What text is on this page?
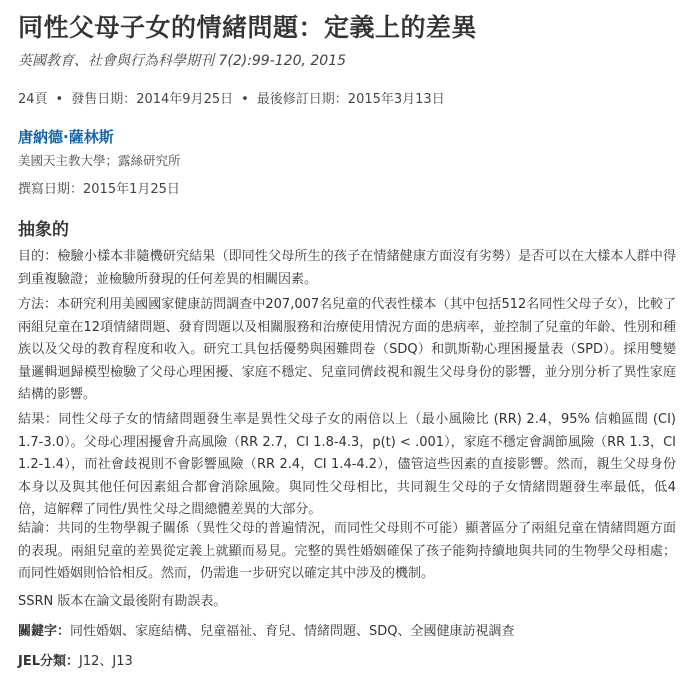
同性父母子女的情緒問題：定義上的差異

英國教育、社會與行為科學期刊 7(2):99-120, 2015

24頁 • 發售日期：2014年9月25日 • 最後修訂日期：2015年3月13日

唐納德·薩林斯

美國天主教大學；露絲研究所

撰寫日期：2015年1月25日

抽象的

目的：檢驗小樣本非隨機研究結果（即同性父母所生的孩子在情緒健康方面沒有劣勢）是否可以在大樣本人群中得到重複驗證；並檢驗所發現的任何差異的相關因素。

方法：本研究利用美國國家健康訪問調查中207,007名兒童的代表性樣本（其中包括512名同性父母子女），比較了兩組兒童在12項情緒問題、發育問題以及相關服務和治療使用情況方面的患病率，並控制了兒童的年齡、性別和種族以及父母的教育程度和收入。研究工具包括優勢與困難問卷（SDQ）和凱斯勒心理困擾量表（SPD）。採用雙變量邏輯迴歸模型檢驗了父母心理困擾、家庭不穩定、兒童同儕歧視和親生父母身份的影響，並分別分析了異性家庭結構的影響。

結果：同性父母子女的情緒問題發生率是異性父母子女的兩倍以上（最小風險比 (RR) 2.4，95% 信賴區間 (CI) 1.7-3.0）。父母心理困擾會升高風險（RR 2.7，CI 1.8-4.3，p(t) < .001），家庭不穩定會調節風險（RR 1.3，CI 1.2-1.4），而社會歧視則不會影響風險（RR 2.4，CI 1.4-4.2），儘管這些因素的直接影響。然而，親生父母身份本身以及與其他任何因素組合都會消除風險。與同性父母相比，共同親生父母的子女情緒問題發生率最低，低4倍，這解釋了同性/異性父母之間總體差異的大部分。

結論：共同的生物學親子關係（異性父母的普遍情況，而同性父母則不可能）顯著區分了兩組兒童在情緒問題方面的表現。兩組兒童的差異從定義上就顯而易見。完整的異性婚姻確保了孩子能夠持續地與共同的生物學父母相處；而同性婚姻則恰恰相反。然而，仍需進一步研究以確定其中涉及的機制。

SSRN 版本在論文最後附有勘誤表。

關鍵字：同性婚姻、家庭結構、兒童福祉、育兒、情緒問題、SDQ、全國健康訪視調查

JEL分類：J12、J13
